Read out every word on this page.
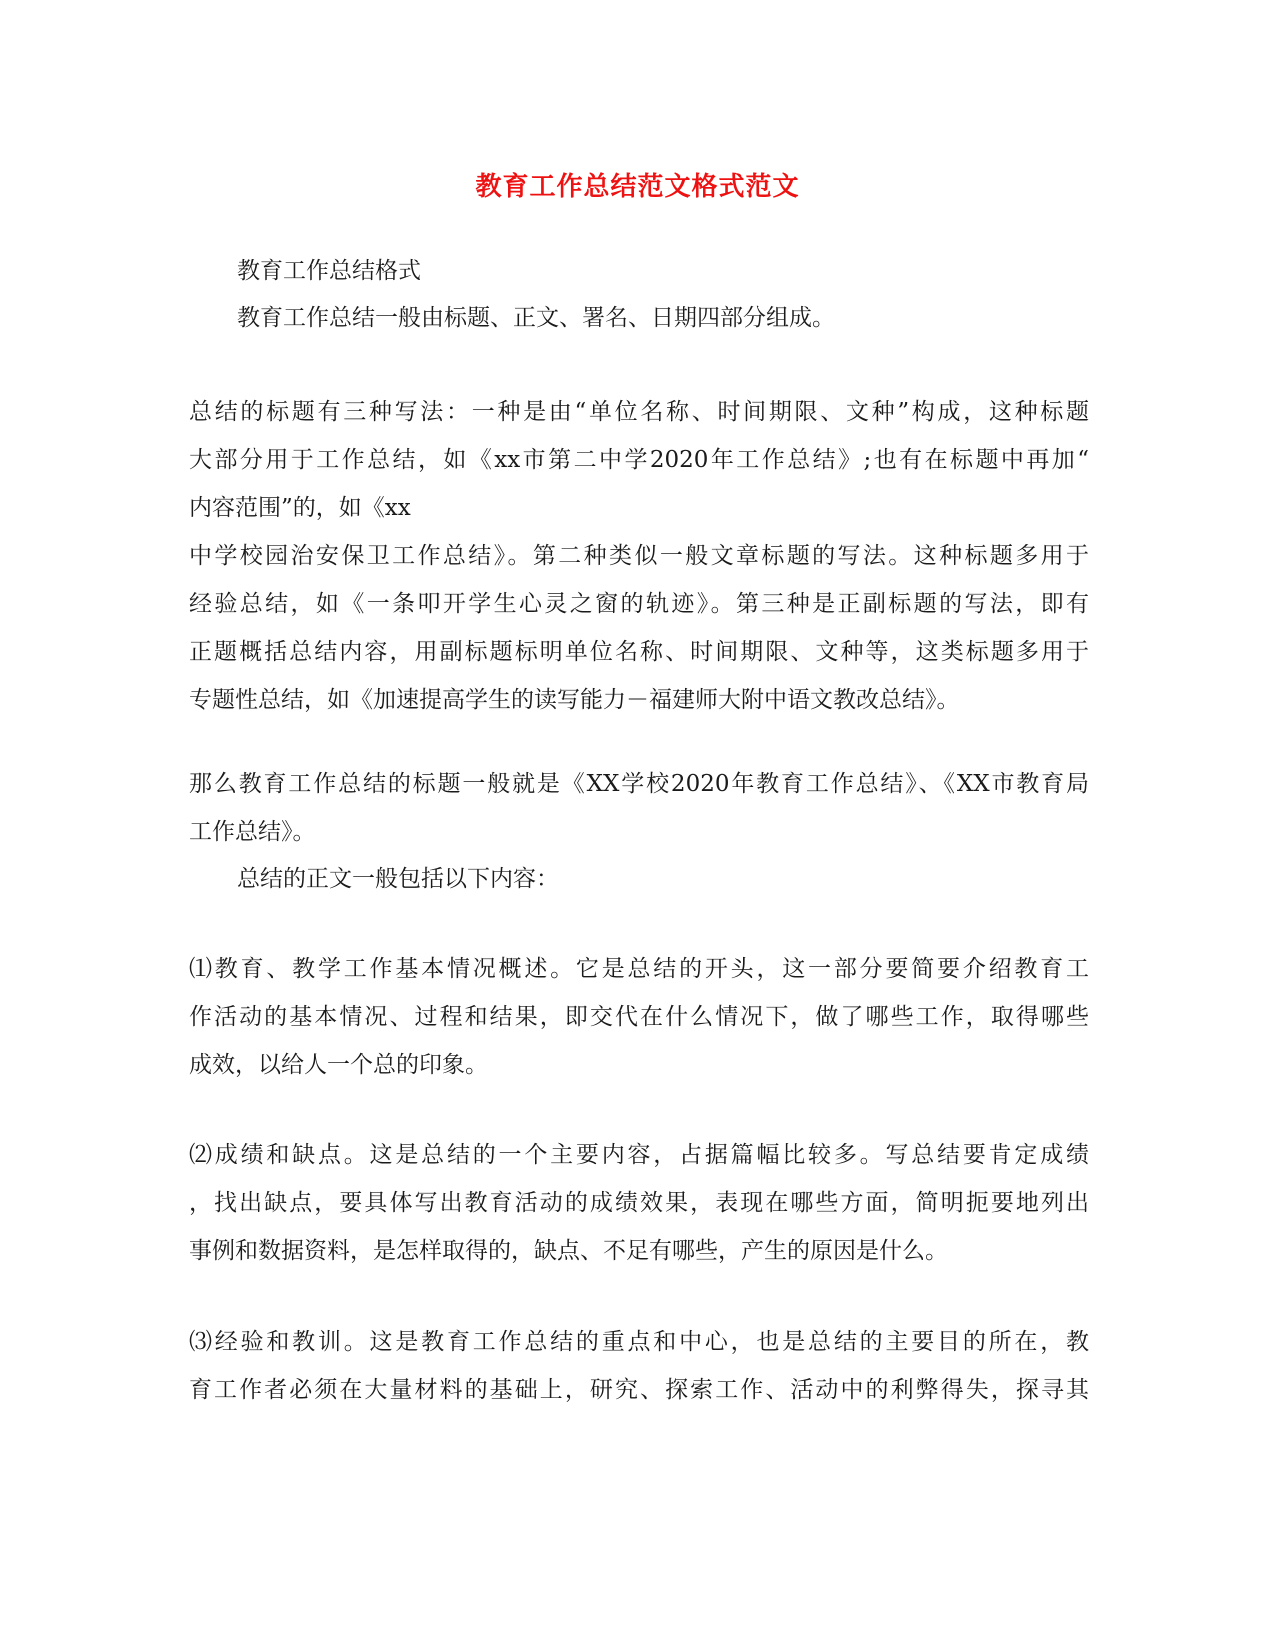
教育工作总结范文格式范文
教育工作总结格式
教育工作总结一般由标题、正文、署名、日期四部分组成。
总结的标题有三种写法：一种是由“单位名称、时间期限、文种”构成，这种标题
大部分用于工作总结，如《xx市第二中学2020年工作总结》;也有在标题中再加“
内容范围”的，如《xx
中学校园治安保卫工作总结》。第二种类似一般文章标题的写法。这种标题多用于
经验总结，如《一条叩开学生心灵之窗的轨迹》。第三种是正副标题的写法，即有
正题概括总结内容，用副标题标明单位名称、时间期限、文种等，这类标题多用于
专题性总结，如《加速提高学生的读写能力－福建师大附中语文教改总结》。
那么教育工作总结的标题一般就是《XX学校2020年教育工作总结》、《XX市教育局
工作总结》。
总结的正文一般包括以下内容：
⑴教育、教学工作基本情况概述。它是总结的开头，这一部分要简要介绍教育工
作活动的基本情况、过程和结果，即交代在什么情况下，做了哪些工作，取得哪些
成效，以给人一个总的印象。
⑵成绩和缺点。这是总结的一个主要内容，占据篇幅比较多。写总结要肯定成绩
，找出缺点，要具体写出教育活动的成绩效果，表现在哪些方面，简明扼要地列出
事例和数据资料，是怎样取得的，缺点、不足有哪些，产生的原因是什么。
⑶经验和教训。这是教育工作总结的重点和中心，也是总结的主要目的所在，教
育工作者必须在大量材料的基础上，研究、探索工作、活动中的利弊得失，探寻其
